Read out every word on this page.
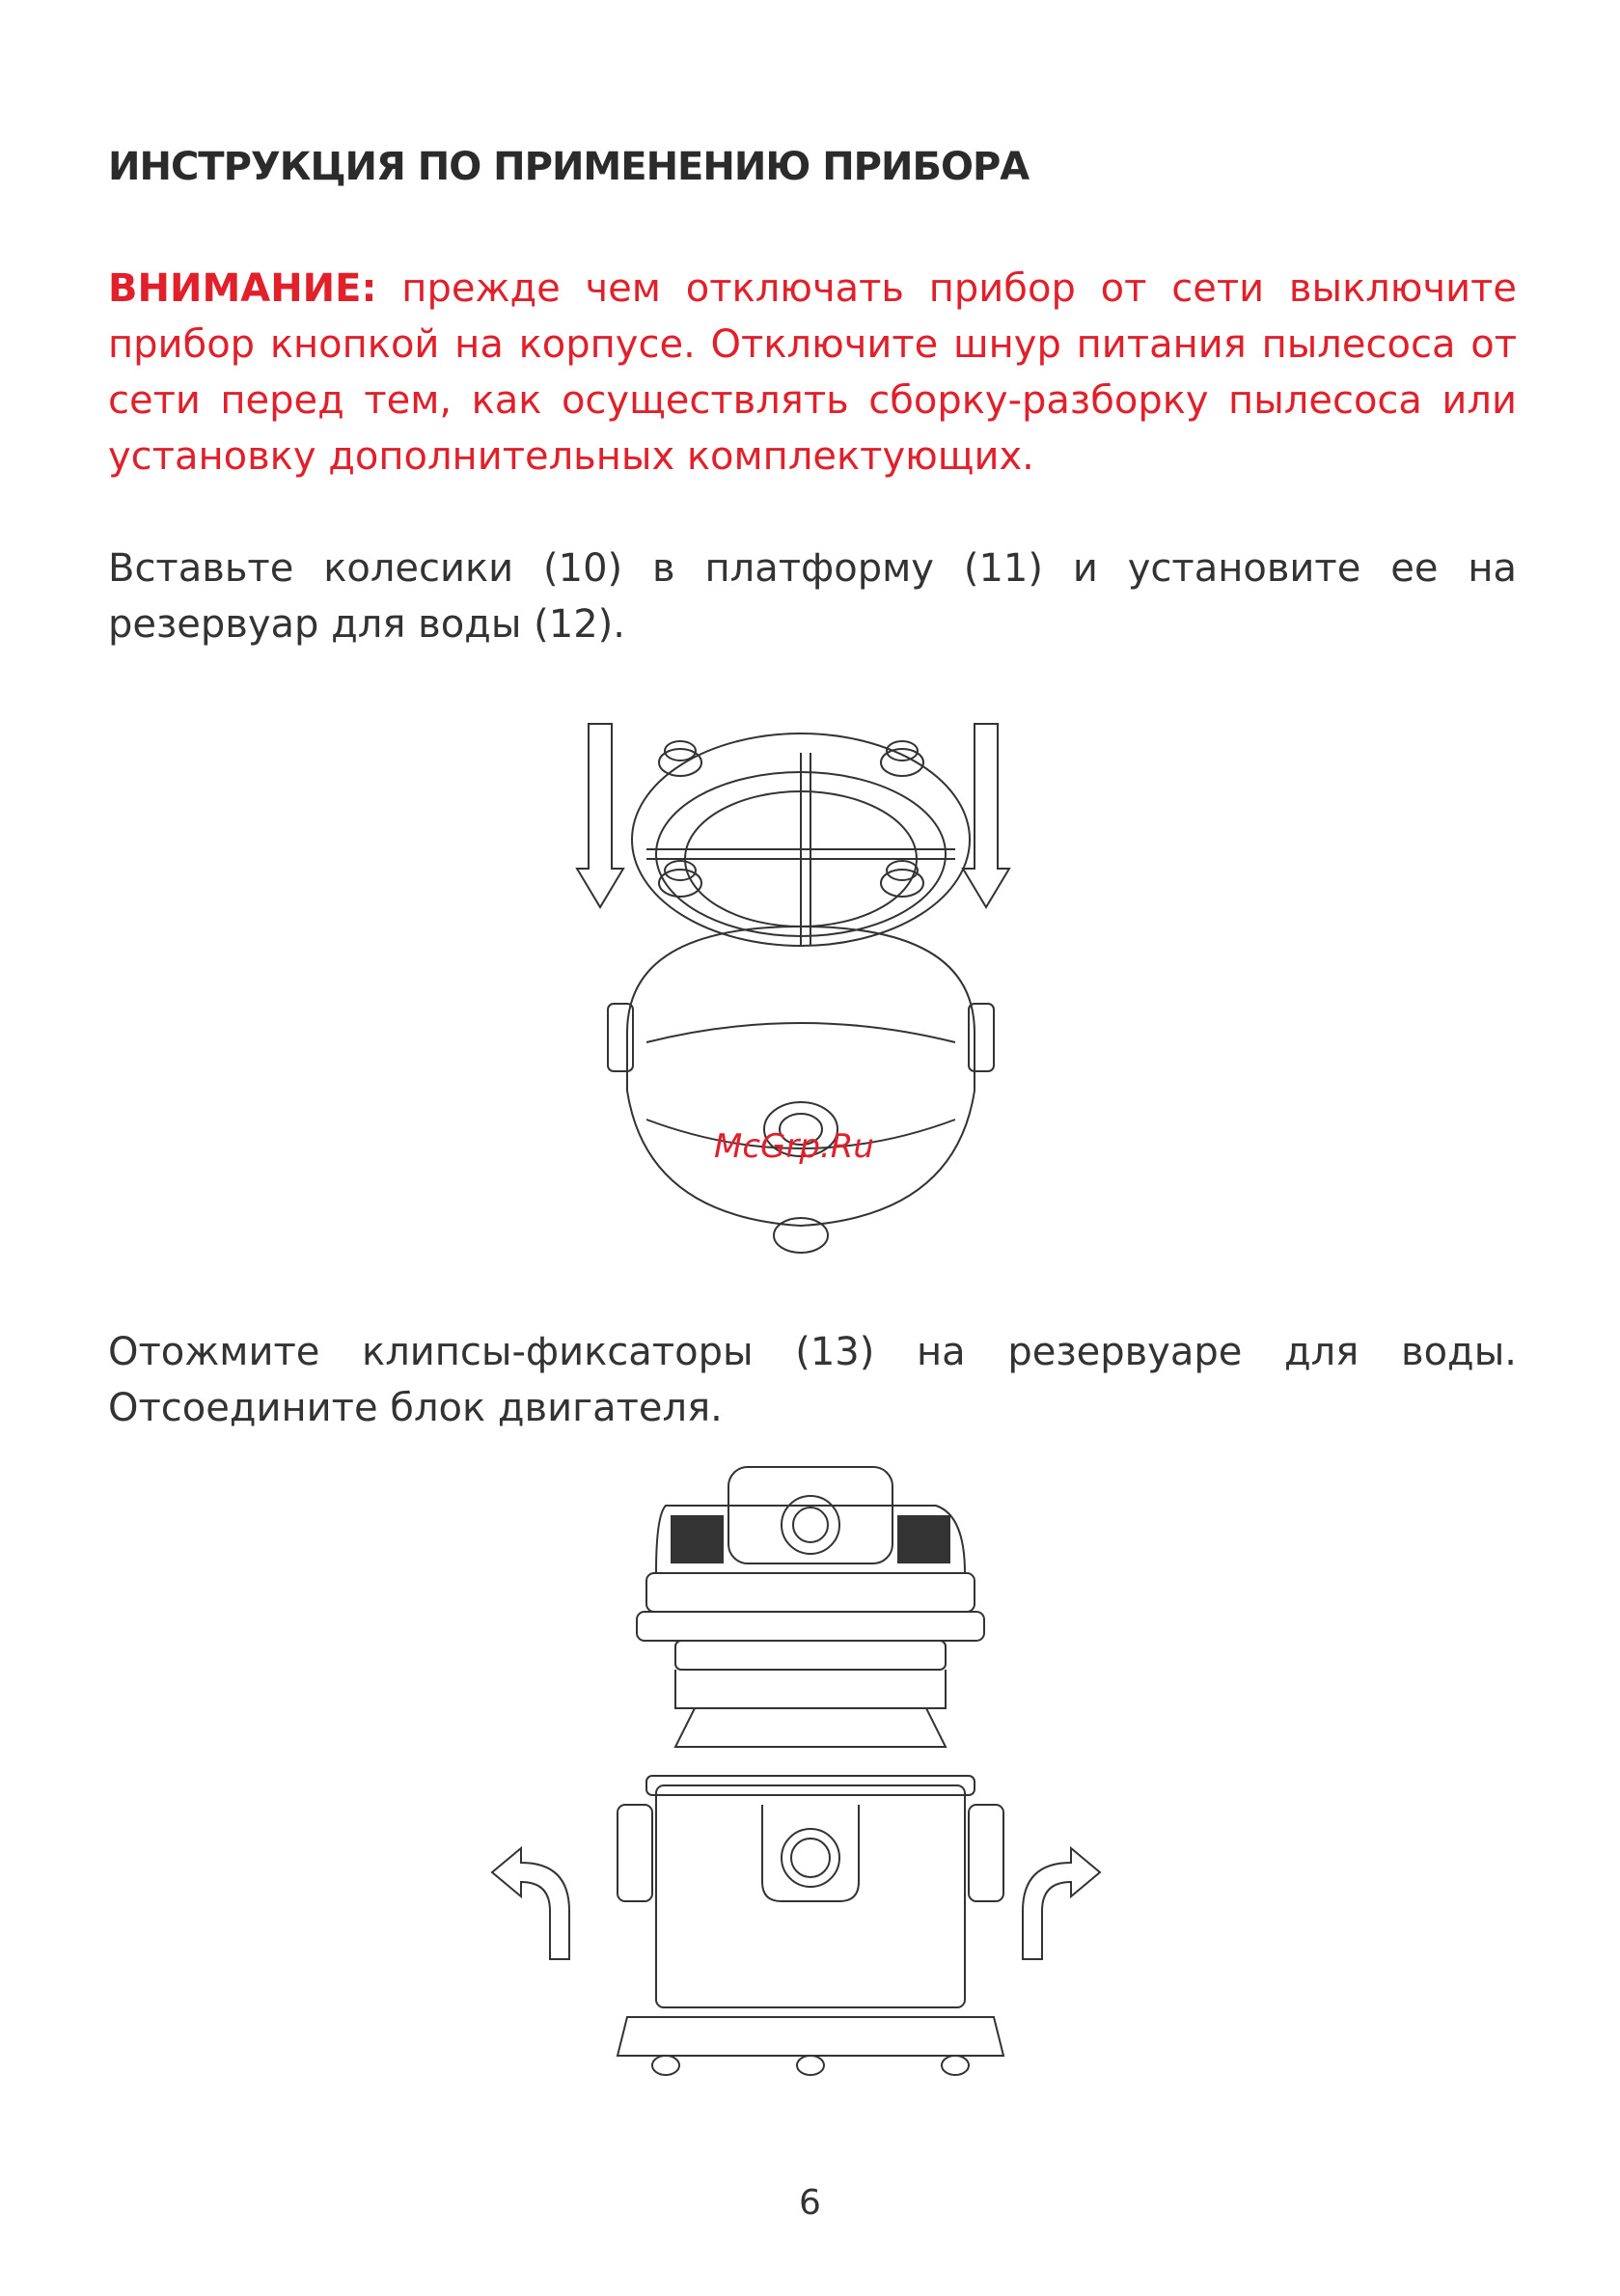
ИНСТРУКЦИЯ ПО ПРИМЕНЕНИЮ ПРИБОРА
ВНИМАНИЕ: прежде чем отключать прибор от сети выключите прибор кнопкой на корпусе. Отключите шнур питания пылесоса от сети перед тем, как осуществлять сборку-разборку пылесоса или установку дополнительных комплектующих.
Вставьте колесики (10) в платформу (11) и установите ее на резервуар для воды (12).
McGrp.Ru
Отожмите клипсы-фиксаторы (13) на резервуаре для воды. Отсоедините блок двигателя.
6
